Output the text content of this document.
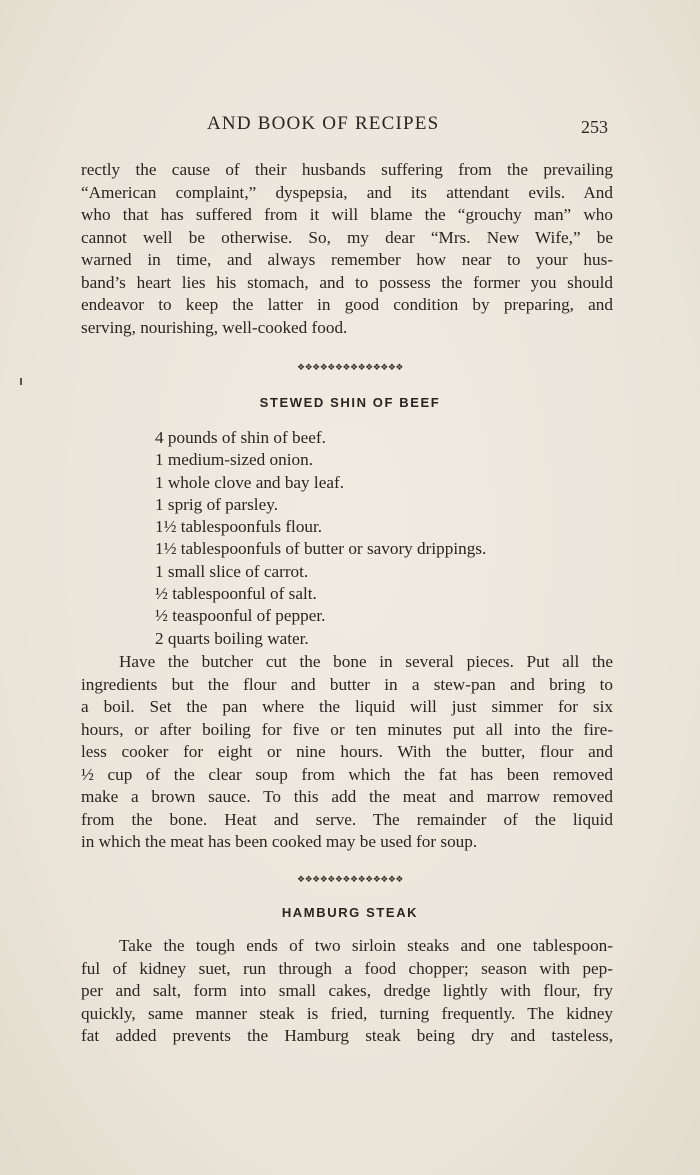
AND BOOK OF RECIPES	253
rectly the cause of their husbands suffering from the prevailing
“American complaint,” dyspepsia, and its attendant evils. And
who that has suffered from it will blame the “grouchy man” who
cannot well be otherwise. So, my dear “Mrs. New Wife,” be
warned in time, and always remember how near to your hus-
band’s heart lies his stomach, and to possess the former you should
endeavor to keep the latter in good condition by preparing, and
serving, nourishing, well-cooked food.
❖❖❖❖❖❖❖❖❖❖❖❖❖❖
STEWED SHIN OF BEEF
4 pounds of shin of beef.
1 medium-sized onion.
1 whole clove and bay leaf.
1 sprig of parsley.
1½ tablespoonfuls flour.
1½ tablespoonfuls of butter or savory drippings.
1 small slice of carrot.
½ tablespoonful of salt.
½ teaspoonful of pepper.
2 quarts boiling water.
Have the butcher cut the bone in several pieces. Put all the
ingredients but the flour and butter in a stew-pan and bring to
a boil. Set the pan where the liquid will just simmer for six
hours, or after boiling for five or ten minutes put all into the fire-
less cooker for eight or nine hours. With the butter, flour and
½ cup of the clear soup from which the fat has been removed
make a brown sauce. To this add the meat and marrow removed
from the bone. Heat and serve. The remainder of the liquid
in which the meat has been cooked may be used for soup.
❖❖❖❖❖❖❖❖❖❖❖❖❖❖
HAMBURG STEAK
Take the tough ends of two sirloin steaks and one tablespoon-
ful of kidney suet, run through a food chopper; season with pep-
per and salt, form into small cakes, dredge lightly with flour, fry
quickly, same manner steak is fried, turning frequently. The kidney
fat added prevents the Hamburg steak being dry and tasteless,
